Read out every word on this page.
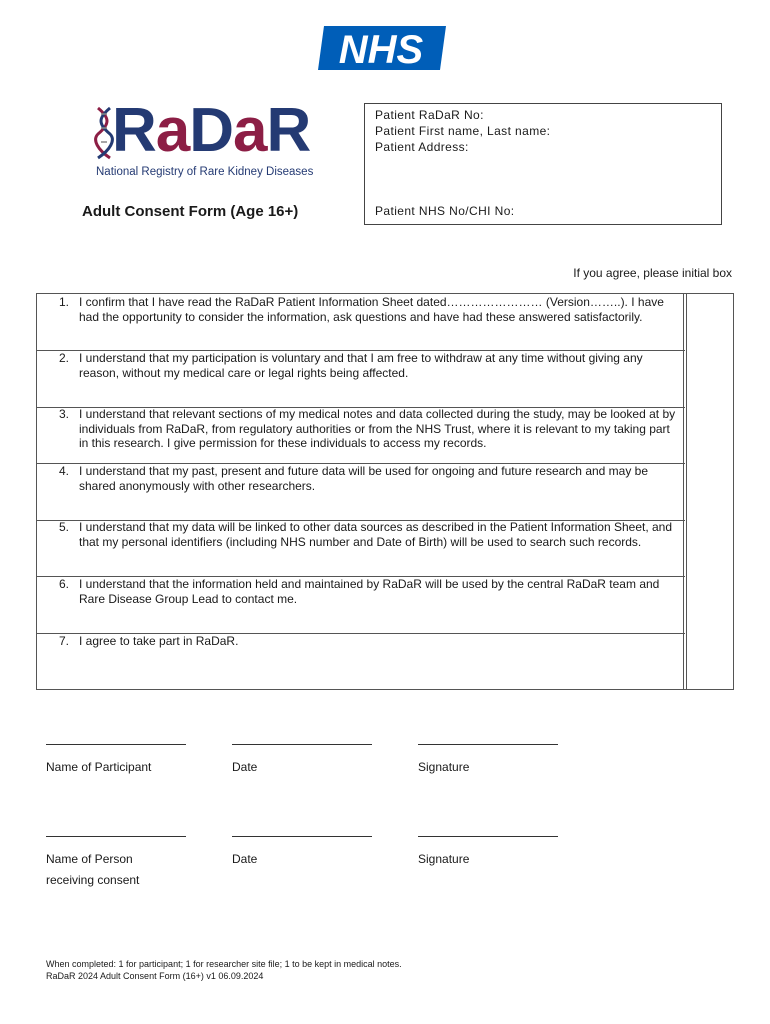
NHS
RaDaR
National Registry of Rare Kidney Diseases
Adult Consent Form (Age 16+)
Patient RaDaR No:
Patient First name, Last name:
Patient Address:
Patient NHS No/CHI No:
If you agree, please initial box
1. I confirm that I have read the RaDaR Patient Information Sheet dated…………………… (Version……..). I have had the opportunity to consider the information, ask questions and have had these answered satisfactorily.
2. I understand that my participation is voluntary and that I am free to withdraw at any time without giving any reason, without my medical care or legal rights being affected.
3. I understand that relevant sections of my medical notes and data collected during the study, may be looked at by individuals from RaDaR, from regulatory authorities or from the NHS Trust, where it is relevant to my taking part in this research. I give permission for these individuals to access my records.
4. I understand that my past, present and future data will be used for ongoing and future research and may be shared anonymously with other researchers.
5. I understand that my data will be linked to other data sources as described in the Patient Information Sheet, and that my personal identifiers (including NHS number and Date of Birth) will be used to search such records.
6. I understand that the information held and maintained by RaDaR will be used by the central RaDaR team and Rare Disease Group Lead to contact me.
7. I agree to take part in RaDaR.
Name of Participant	Date	Signature
Name of Person
receiving consent
Date	Signature
When completed: 1 for participant; 1 for researcher site file; 1 to be kept in medical notes.
RaDaR 2024 Adult Consent Form (16+) v1 06.09.2024
